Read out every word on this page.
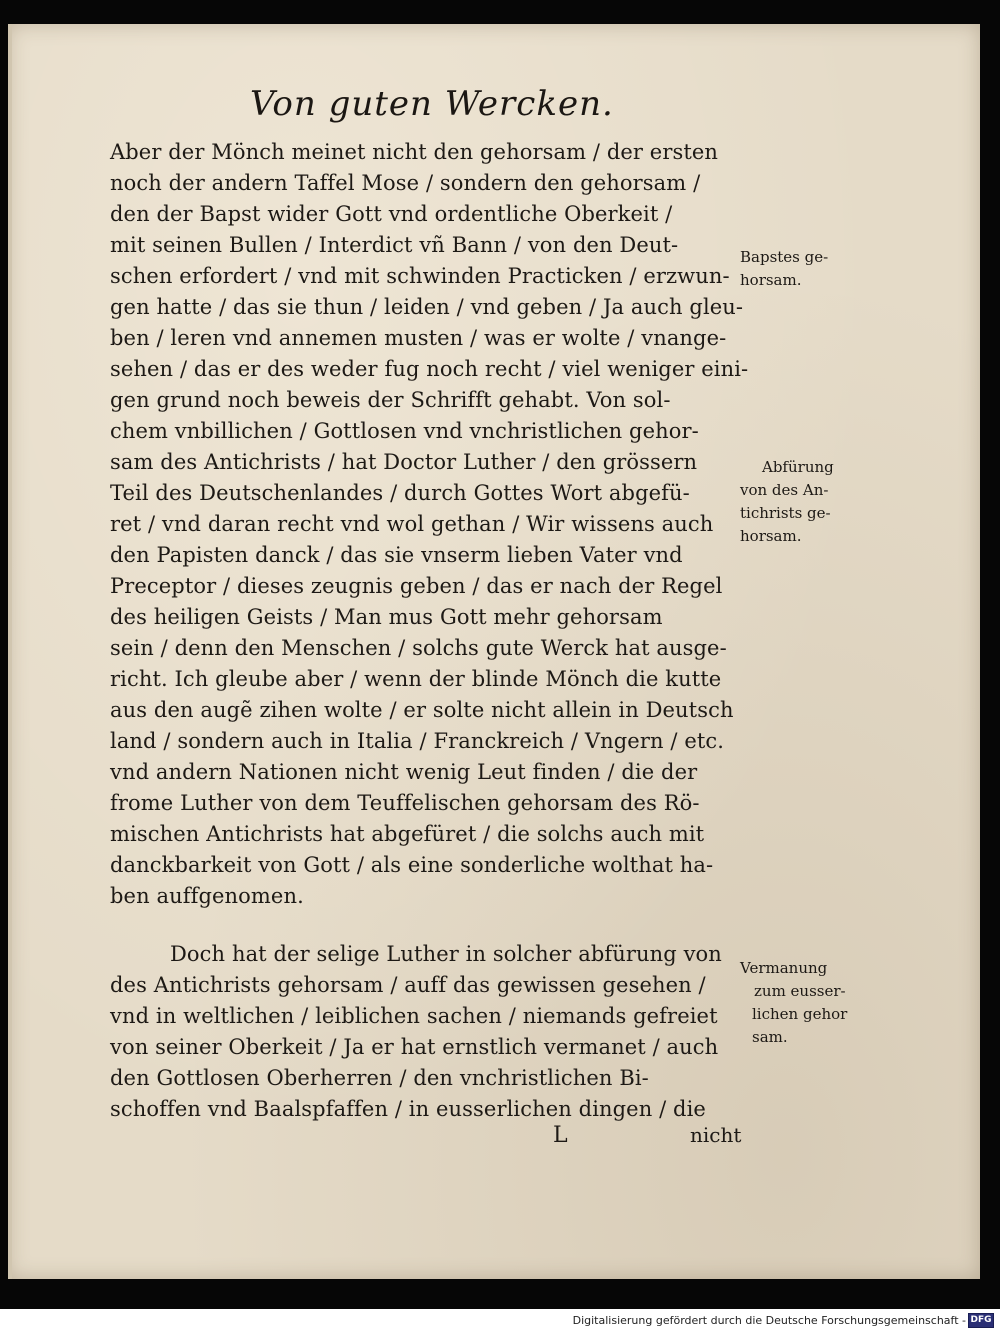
Von guten Wercken.
Aber der Mönch meinet nicht den gehorsam / der ersten
noch der andern Taffel Mose / sondern den gehorsam /
den der Bapst wider Gott vnd ordentliche Oberkeit /
mit seinen Bullen / Interdict vñ Bann / von den Deut-
schen erfordert / vnd mit schwinden Practicken / erzwun-
gen hatte / das sie thun / leiden / vnd geben / Ja auch gleu-
ben / leren vnd annemen musten / was er wolte / vnange-
sehen / das er des weder fug noch recht / viel weniger eini-
gen grund noch beweis der Schrifft gehabt. Von sol-
chem vnbillichen / Gottlosen vnd vnchristlichen gehor-
sam des Antichrists / hat Doctor Luther / den grössern
Teil des Deutschenlandes / durch Gottes Wort abgefü-
ret / vnd daran recht vnd wol gethan / Wir wissens auch
den Papisten danck / das sie vnserm lieben Vater vnd
Preceptor / dieses zeugnis geben / das er nach der Regel
des heiligen Geists / Man mus Gott mehr gehorsam
sein / denn den Menschen / solchs gute Werck hat ausge-
richt. Ich gleube aber / wenn der blinde Mönch die kutte
aus den augẽ zihen wolte / er solte nicht allein in Deutsch
land / sondern auch in Italia / Franckreich / Vngern / etc.
vnd andern Nationen nicht wenig Leut finden / die der
frome Luther von dem Teuffelischen gehorsam des Rö-
mischen Antichrists hat abgefüret / die solchs auch mit
danckbarkeit von Gott / als eine sonderliche wolthat ha-
ben auffgenomen.
Doch hat der selige Luther in solcher abfürung von
des Antichrists gehorsam / auff das gewissen gesehen /
vnd in weltlichen / leiblichen sachen / niemands gefreiet
von seiner Oberkeit / Ja er hat ernstlich vermanet / auch
den Gottlosen Oberherren / den vnchristlichen Bi-
schoffen vnd Baalspfaffen / in eusserlichen dingen / die
Bapstes ge-
horsam.
Abfürung
von des An-
tichrists ge-
horsam.
Vermanung
zum eusser-
lichen gehor
sam.
L	nicht
Digitalisierung gefördert durch die Deutsche Forschungsgemeinschaft - DFG
